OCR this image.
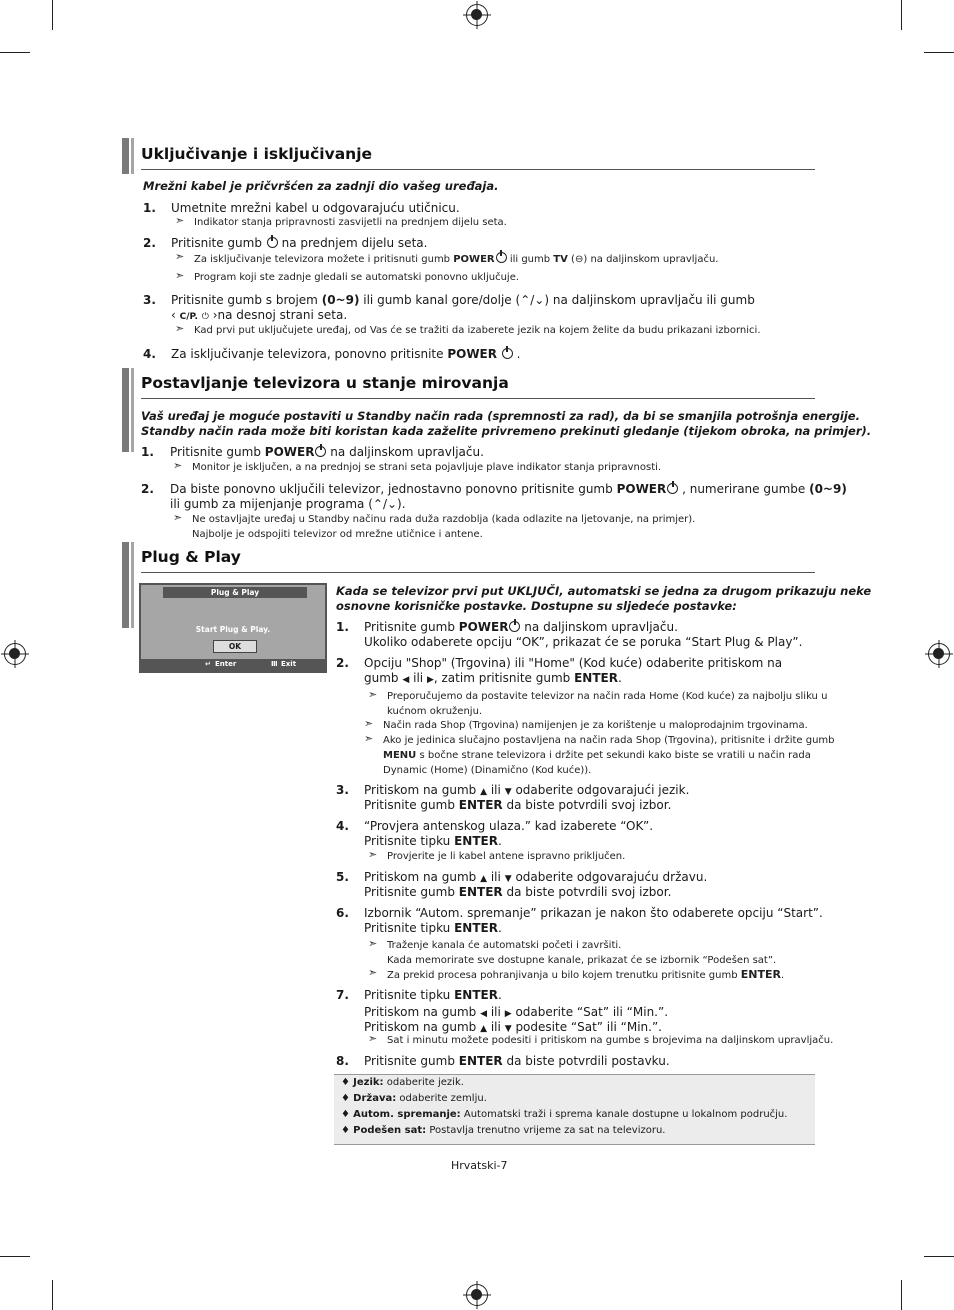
Uključivanje i isključivanje
Mrežni kabel je pričvršćen za zadnji dio vašeg uređaja.
1. Umetnite mrežni kabel u odgovarajuću utičnicu.
➣ Indikator stanja pripravnosti zasvijetli na prednjem dijelu seta.
2. Pritisnite gumb na prednjem dijelu seta.
➣ Za isključivanje televizora možete i pritisnuti gumb POWER ili gumb TV (⊖) na daljinskom upravljaču.
➣ Program koji ste zadnje gledali se automatski ponovno uključuje.
3. Pritisnite gumb s brojem (0~9) ili gumb kanal gore/dolje (⌃/⌄) na daljinskom upravljaču ili gumb
‹ C/P. ⏻ ›na desnoj strani seta.
➣ Kad prvi put uključujete uređaj, od Vas će se tražiti da izaberete jezik na kojem želite da budu prikazani izbornici.
4. Za isključivanje televizora, ponovno pritisnite POWER  .
Postavljanje televizora u stanje mirovanja
Vaš uređaj je moguće postaviti u Standby način rada (spremnosti za rad), da bi se smanjila potrošnja energije.
Standby način rada može biti koristan kada zaželite privremeno prekinuti gledanje (tijekom obroka, na primjer).
1. Pritisnite gumb POWER na daljinskom upravljaču.
➣ Monitor je isključen, a na prednjoj se strani seta pojavljuje plave indikator stanja pripravnosti.
2. Da biste ponovno uključili televizor, jednostavno ponovno pritisnite gumb POWER , numerirane gumbe (0~9)
ili gumb za mijenjanje programa (⌃/⌄).
➣ Ne ostavljajte uređaj u Standby načinu rada duža razdoblja (kada odlazite na ljetovanje, na primjer).
Najbolje je odspojiti televizor od mrežne utičnice i antene.
Plug & Play
Plug & Play
Start Plug & Play.
OK
↵ Enter	Ⅲ Exit
Kada se televizor prvi put UKLJUČI, automatski se jedna za drugom prikazuju neke
osnovne korisničke postavke. Dostupne su sljedeće postavke:
1. Pritisnite gumb POWER na daljinskom upravljaču.
Ukoliko odaberete opciju “OK”, prikazat će se poruka “Start Plug & Play”.
2. Opciju "Shop" (Trgovina) ili "Home" (Kod kuće) odaberite pritiskom na
gumb ◀ ili ▶, zatim pritisnite gumb ENTER.
➣ Preporučujemo da postavite televizor na način rada Home (Kod kuće) za najbolju sliku u
kućnom okruženju.
➣ Način rada Shop (Trgovina) namijenjen je za korištenje u maloprodajnim trgovinama.
➣ Ako je jedinica slučajno postavljena na način rada Shop (Trgovina), pritisnite i držite gumb
MENU s bočne strane televizora i držite pet sekundi kako biste se vratili u način rada
Dynamic (Home) (Dinamično (Kod kuće)).
3. Pritiskom na gumb ▲ ili ▼ odaberite odgovarajući jezik.
Pritisnite gumb ENTER da biste potvrdili svoj izbor.
4. “Provjera antenskog ulaza.” kad izaberete “OK”.
Pritisnite tipku ENTER.
➣ Provjerite je li kabel antene ispravno priključen.
5. Pritiskom na gumb ▲ ili ▼ odaberite odgovarajuću državu.
Pritisnite gumb ENTER da biste potvrdili svoj izbor.
6. Izbornik “Autom. spremanje” prikazan je nakon što odaberete opciju “Start”.
Pritisnite tipku ENTER.
➣ Traženje kanala će automatski početi i završiti.
Kada memorirate sve dostupne kanale, prikazat će se izbornik “Podešen sat”.
➣ Za prekid procesa pohranjivanja u bilo kojem trenutku pritisnite gumb ENTER.
7. Pritisnite tipku ENTER.
Pritiskom na gumb ◀ ili ▶ odaberite “Sat” ili “Min.”.
Pritiskom na gumb ▲ ili ▼ podesite “Sat” ili “Min.”.
➣ Sat i minutu možete podesiti i pritiskom na gumbe s brojevima na daljinskom upravljaču.
8. Pritisnite gumb ENTER da biste potvrdili postavku.
♦ Jezik: odaberite jezik.
♦ Država: odaberite zemlju.
♦ Autom. spremanje: Automatski traži i sprema kanale dostupne u lokalnom području.
♦ Podešen sat: Postavlja trenutno vrijeme za sat na televizoru.
Hrvatski-7
